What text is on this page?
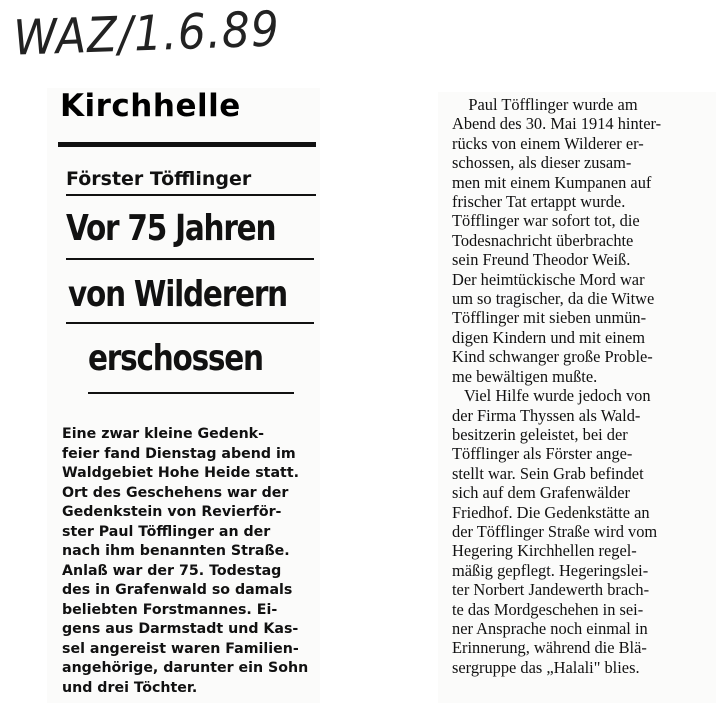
WAZ/1.6.89
Kirchhelle
Förster Töfflinger
Vor 75 Jahren
von Wilderern
erschossen
Eine zwar kleine Gedenk-
feier fand Dienstag abend im
Waldgebiet Hohe Heide statt.
Ort des Geschehens war der
Gedenkstein von Revierför-
ster Paul Töfflinger an der
nach ihm benannten Straße.
Anlaß war der 75. Todestag
des in Grafenwald so damals
beliebten Forstmannes. Ei-
gens aus Darmstadt und Kas-
sel angereist waren Familien-
angehörige, darunter ein Sohn
und drei Töchter.
Paul Töfflinger wurde am
Abend des 30. Mai 1914 hinter-
rücks von einem Wilderer er-
schossen, als dieser zusam-
men mit einem Kumpanen auf
frischer Tat ertappt wurde.
Töfflinger war sofort tot, die
Todesnachricht überbrachte
sein Freund Theodor Weiß.
Der heimtückische Mord war
um so tragischer, da die Witwe
Töfflinger mit sieben unmün-
digen Kindern und mit einem
Kind schwanger große Proble-
me bewältigen mußte.
Viel Hilfe wurde jedoch von
der Firma Thyssen als Wald-
besitzerin geleistet, bei der
Töfflinger als Förster ange-
stellt war. Sein Grab befindet
sich auf dem Grafenwälder
Friedhof. Die Gedenkstätte an
der Töfflinger Straße wird vom
Hegering Kirchhellen regel-
mäßig gepflegt. Hegeringslei-
ter Norbert Jandewerth brach-
te das Mordgeschehen in sei-
ner Ansprache noch einmal in
Erinnerung, während die Blä-
sergruppe das „Halali" blies.
